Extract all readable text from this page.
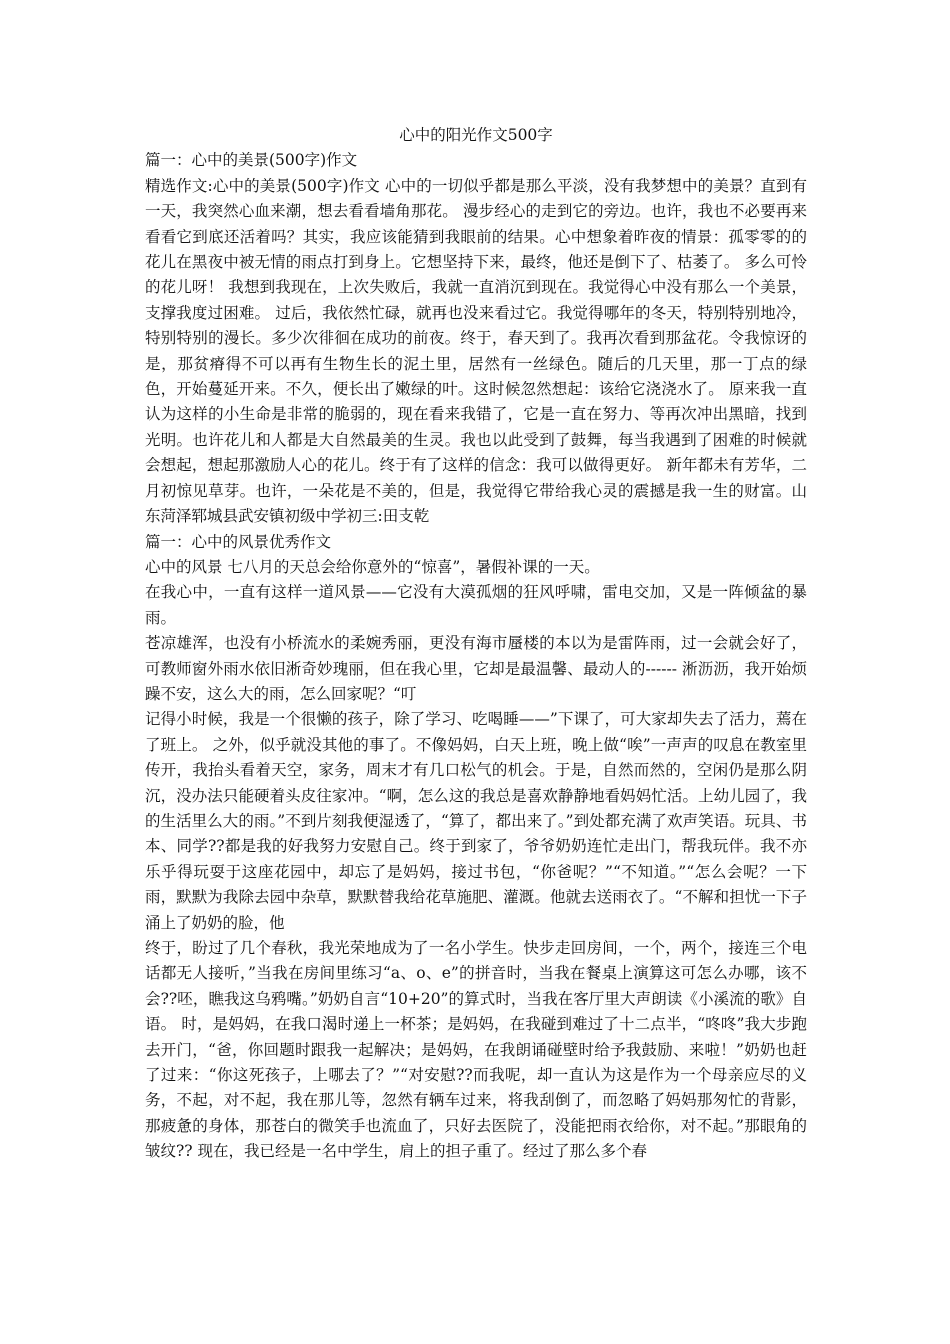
心中的阳光作文500字
篇一：心中的美景(500字)作文

精选作文:心中的美景(500字)作文 心中的一切似乎都是那么平淡，没有我梦想中的美景？直到有一天，我突然心血来潮，想去看看墙角那花。 漫步经心的走到它的旁边。也许，我也不必要再来看看它到底还活着吗？其实，我应该能猜到我眼前的结果。心中想象着昨夜的情景：孤零零的的花儿在黑夜中被无情的雨点打到身上。它想坚持下来，最终，他还是倒下了、枯萎了。 多么可怜的花儿呀！ 我想到我现在，上次失败后，我就一直消沉到现在。我觉得心中没有那么一个美景，支撑我度过困难。 过后，我依然忙碌，就再也没来看过它。我觉得哪年的冬天，特别特别地冷，特别特别的漫长。多少次徘徊在成功的前夜。终于，春天到了。我再次看到那盆花。令我惊讶的是，那贫瘠得不可以再有生物生长的泥土里，居然有一丝绿色。随后的几天里，那一丁点的绿色，开始蔓延开来。不久，便长出了嫩绿的叶。这时候忽然想起：该给它浇浇水了。 原来我一直认为这样的小生命是非常的脆弱的，现在看来我错了，它是一直在努力、等再次冲出黑暗，找到光明。也许花儿和人都是大自然最美的生灵。我也以此受到了鼓舞，每当我遇到了困难的时候就会想起，想起那激励人心的花儿。终于有了这样的信念：我可以做得更好。 新年都未有芳华，二月初惊见草芽。也许，一朵花是不美的，但是，我觉得它带给我心灵的震撼是我一生的财富。山东菏泽郓城县武安镇初级中学初三:田支乾

篇一：心中的风景优秀作文

心中的风景 七八月的天总会给你意外的“惊喜”，暑假补课的一天。

在我心中，一直有这样一道风景——它没有大漠孤烟的狂风呼啸，雷电交加，又是一阵倾盆的暴雨。

苍凉雄浑，也没有小桥流水的柔婉秀丽，更没有海市蜃楼的本以为是雷阵雨，过一会就会好了，可教师窗外雨水依旧淅奇妙瑰丽，但在我心里，它却是最温馨、最动人的------ 淅沥沥，我开始烦躁不安，这么大的雨，怎么回家呢？“叮

记得小时候，我是一个很懒的孩子，除了学习、吃喝睡——”下课了，可大家却失去了活力，蔫在了班上。 之外，似乎就没其他的事了。不像妈妈，白天上班，晚上做“唉”一声声的叹息在教室里传开，我抬头看着天空，家务，周末才有几口松气的机会。于是，自然而然的，空闲仍是那么阴沉，没办法只能硬着头皮往家冲。“啊，怎么这的我总是喜欢静静地看妈妈忙活。上幼儿园了，我的生活里么大的雨。”不到片刻我便湿透了，“算了，都出来了。”到处都充满了欢声笑语。玩具、书本、同学??都是我的好我努力安慰自己。终于到家了，爷爷奶奶连忙走出门，帮我玩伴。我不亦乐乎得玩耍于这座花园中，却忘了是妈妈，接过书包，“你爸呢？”“不知道。”“怎么会呢？一下雨，默默为我除去园中杂草，默默替我给花草施肥、灌溉。他就去送雨衣了。“不解和担忧一下子涌上了奶奶的脸，他

终于，盼过了几个春秋，我光荣地成为了一名小学生。快步走回房间，一个，两个，接连三个电话都无人接听，”当我在房间里练习“a、o、e”的拼音时，当我在餐桌上演算这可怎么办哪，该不会??呸，瞧我这乌鸦嘴。”奶奶自言“10+20”的算式时，当我在客厅里大声朗读《小溪流的歌》自语。 时，是妈妈，在我口渴时递上一杯茶；是妈妈，在我碰到难过了十二点半，“咚咚”我大步跑去开门，“爸，你回题时跟我一起解决；是妈妈，在我朗诵碰壁时给予我鼓励、来啦！”奶奶也赶了过来：“你这死孩子，上哪去了？”“对安慰??而我呢，却一直认为这是作为一个母亲应尽的义务，不起，对不起，我在那儿等，忽然有辆车过来，将我刮倒了，而忽略了妈妈那匆忙的背影，那疲惫的身体，那苍白的微笑手也流血了，只好去医院了，没能把雨衣给你，对不起。”那眼角的皱纹?? 现在，我已经是一名中学生，肩上的担子重了。经过了那么多个春
